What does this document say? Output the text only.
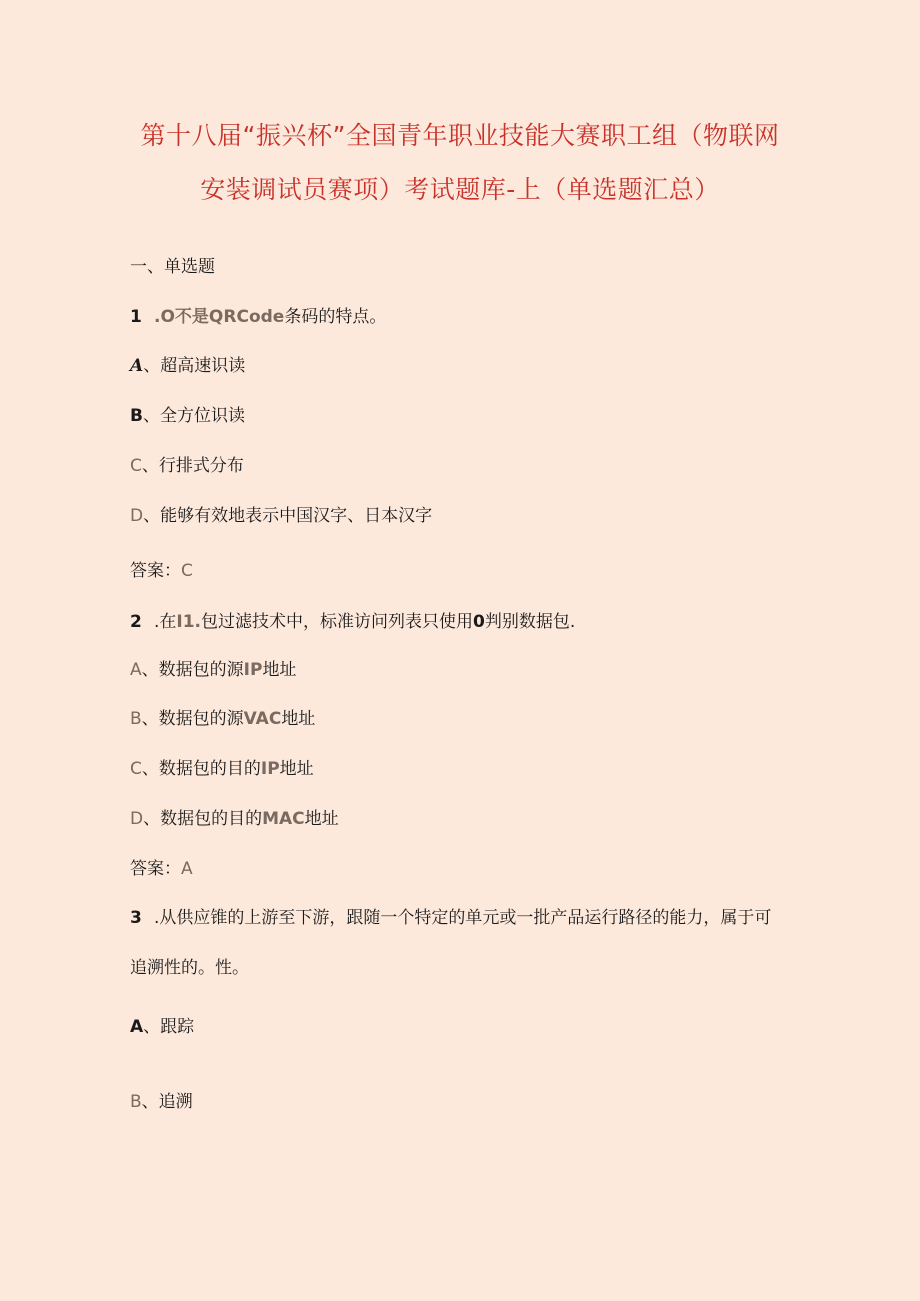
第十八届“振兴杯”全国青年职业技能大赛职工组（物联网
安装调试员赛项）考试题库-上（单选题汇总）
一、单选题
1 .O不是QRCode条码的特点。
A、超高速识读
B、全方位识读
C、行排式分布
D、能够有效地表示中国汉字、日本汉字
答案：C
2 .在I1.包过滤技术中，标准访问列表只使用0判别数据包.
A、数据包的源IP地址
B、数据包的源VAC地址
C、数据包的目的IP地址
D、数据包的目的MAC地址
答案：A
3 .从供应锥的上游至下游，跟随一个特定的单元或一批产品运行路径的能力，属于可
追溯性的。性。
A、跟踪
B、追溯
